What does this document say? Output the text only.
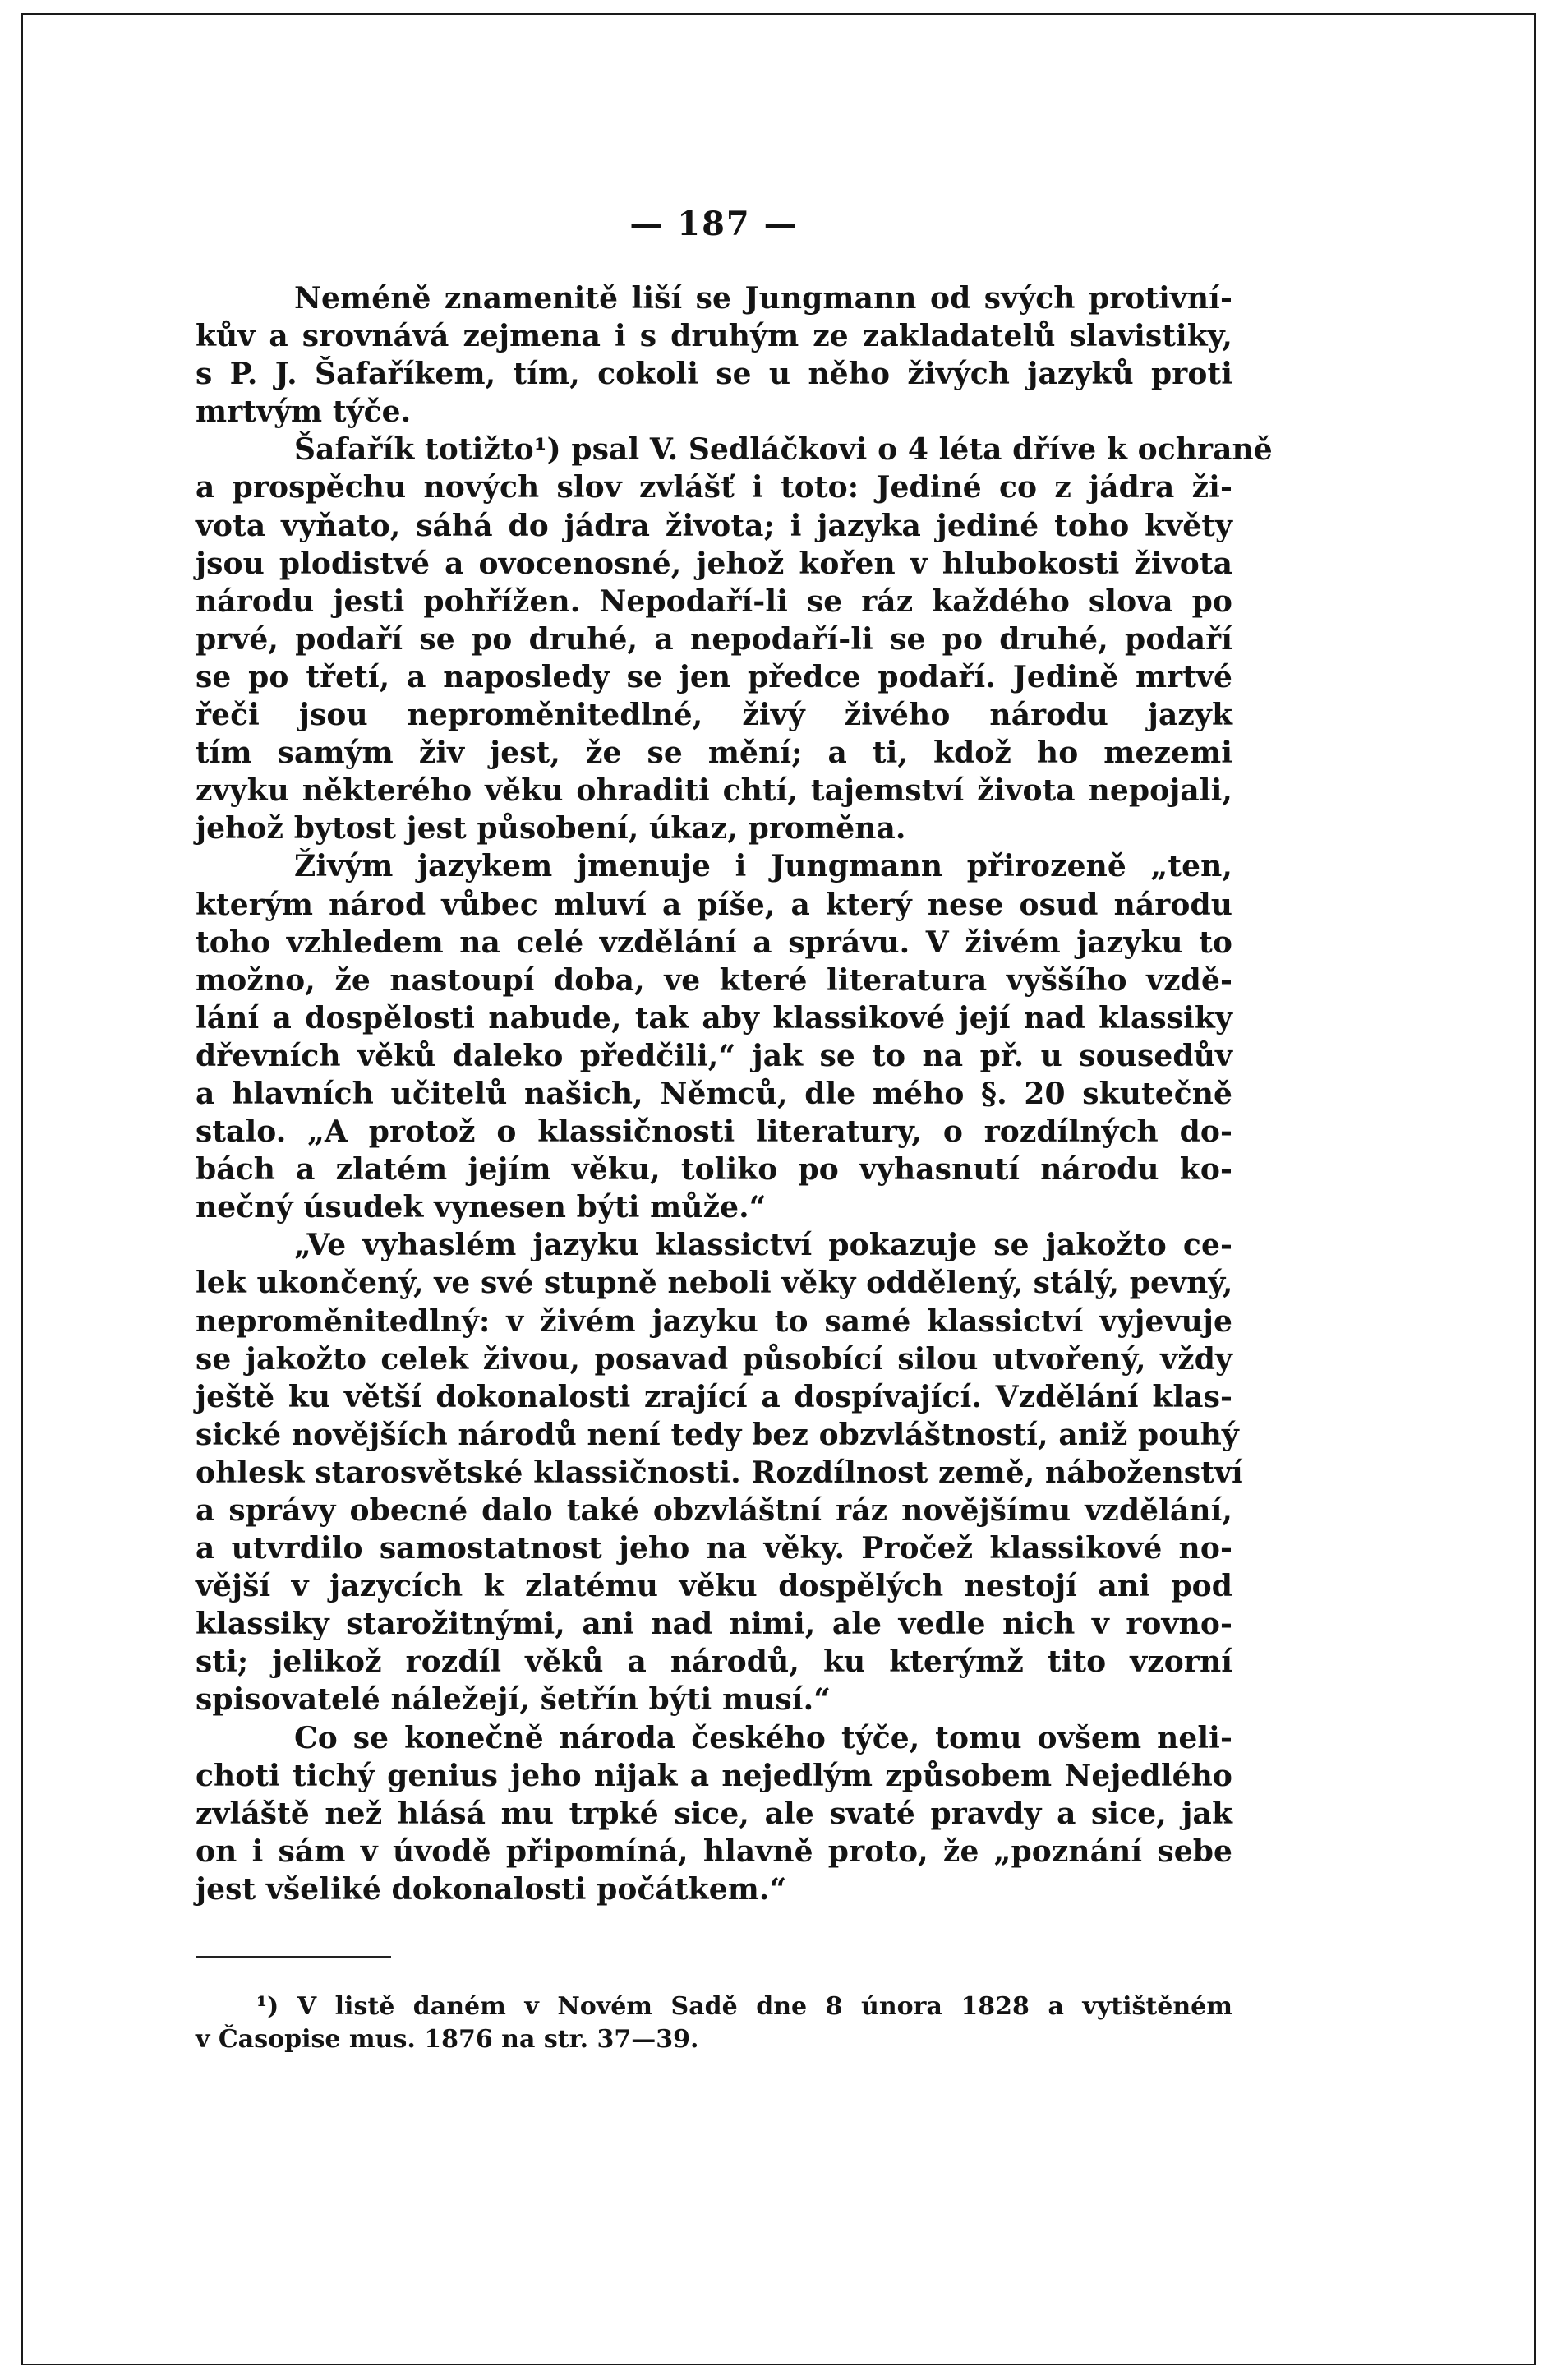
— 187 —

Neméně znamenitě liší se Jungmann od svých protivní-

kův a srovnává zejmena i s druhým ze zakladatelů slavistiky,

s P. J. Šafaříkem, tím, cokoli se u něho živých jazyků proti

mrtvým týče.

Šafařík totižto¹) psal V. Sedláčkovi o 4 léta dříve k ochraně

a prospěchu nových slov zvlášť i toto: Jediné co z jádra ži-

vota vyňato, sáhá do jádra života; i jazyka jediné toho květy

jsou plodistvé a ovocenosné, jehož kořen v hlubokosti života

národu jesti pohřížen. Nepodaří-li se ráz každého slova po

prvé, podaří se po druhé, a nepodaří-li se po druhé, podaří

se po třetí, a naposledy se jen předce podaří. Jedině mrtvé

řeči jsou neproměnitedlné, živý živého národu jazyk

tím samým živ jest, že se mění; a ti, kdož ho mezemi

zvyku některého věku ohraditi chtí, tajemství života nepojali,

jehož bytost jest působení, úkaz, proměna.

Živým jazykem jmenuje i Jungmann přirozeně „ten,

kterým národ vůbec mluví a píše, a který nese osud národu

toho vzhledem na celé vzdělání a správu. V živém jazyku to

možno, že nastoupí doba, ve které literatura vyššího vzdě-

lání a dospělosti nabude, tak aby klassikové její nad klassiky

dřevních věků daleko předčili,“ jak se to na př. u sousedův

a hlavních učitelů našich, Němců, dle mého §. 20 skutečně

stalo. „A protož o klassičnosti literatury, o rozdílných do-

bách a zlatém jejím věku, toliko po vyhasnutí národu ko-

nečný úsudek vynesen býti může.“

„Ve vyhaslém jazyku klassictví pokazuje se jakožto ce-

lek ukončený, ve své stupně neboli věky oddělený, stálý, pevný,

neproměnitedlný: v živém jazyku to samé klassictví vyjevuje

se jakožto celek živou, posavad působící silou utvořený, vždy

ještě ku větší dokonalosti zrající a dospívající. Vzdělání klas-

sické novějších národů není tedy bez obzvláštností, aniž pouhý

ohlesk starosvětské klassičnosti. Rozdílnost země, náboženství

a správy obecné dalo také obzvláštní ráz novějšímu vzdělání,

a utvrdilo samostatnost jeho na věky. Pročež klassikové no-

vější v jazycích k zlatému věku dospělých nestojí ani pod

klassiky starožitnými, ani nad nimi, ale vedle nich v rovno-

sti; jelikož rozdíl věků a národů, ku kterýmž tito vzorní

spisovatelé náležejí, šetřín býti musí.“

Co se konečně národa českého týče, tomu ovšem neli-

choti tichý genius jeho nijak a nejedlým způsobem Nejedlého

zvláště než hlásá mu trpké sice, ale svaté pravdy a sice, jak

on i sám v úvodě připomíná, hlavně proto, že „poznání sebe

jest všeliké dokonalosti počátkem.“

¹) V listě daném v Novém Sadě dne 8 února 1828 a vytištěném

v Časopise mus. 1876 na str. 37—39.
